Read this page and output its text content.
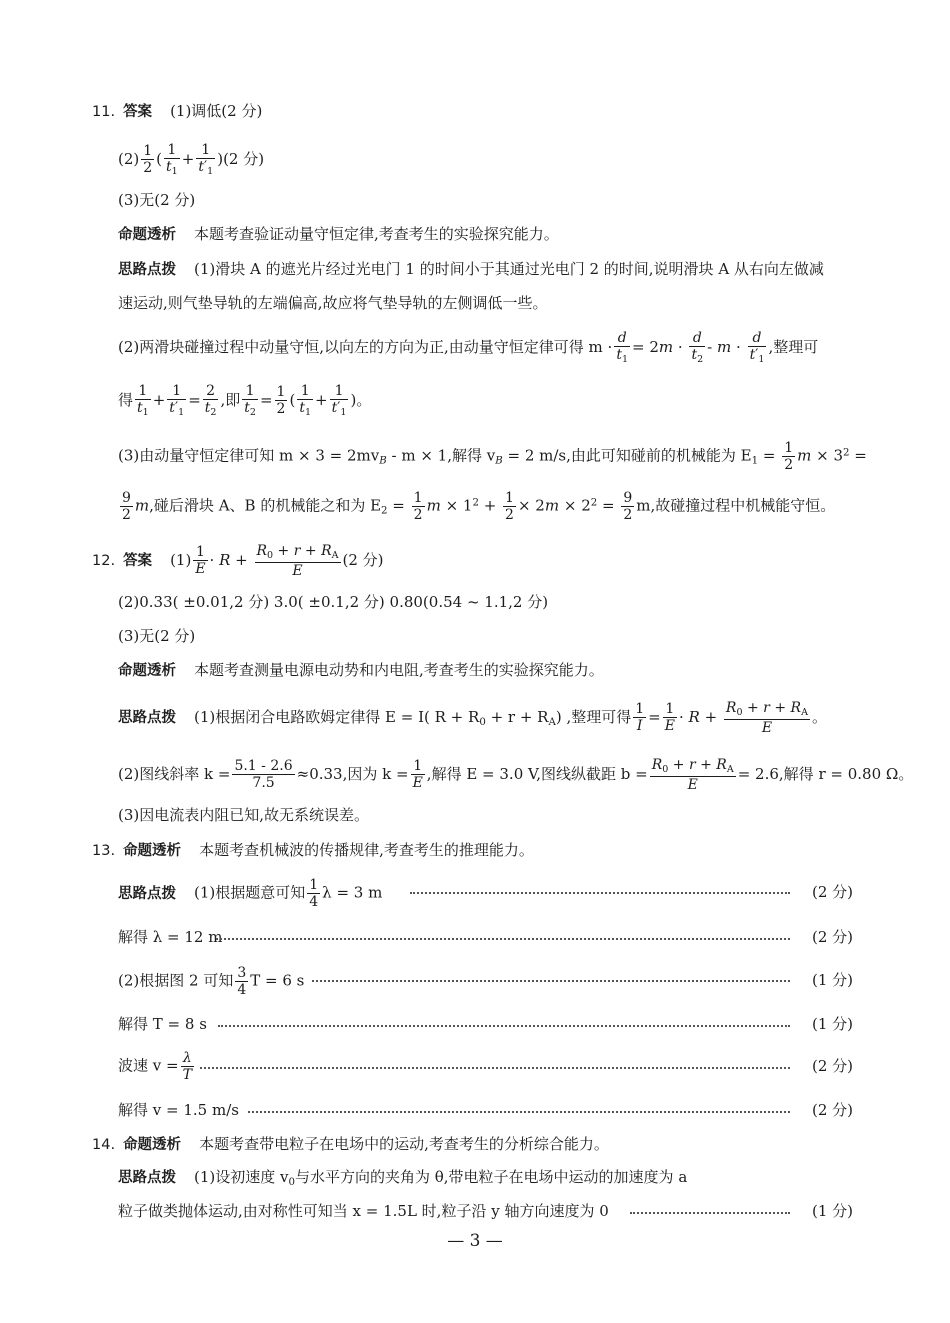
11. 答案 (1)调低(2 分)
$(2) \frac{1}{2}$ ( $\frac{1}{t_1} + \frac{1}{t'_1} )(2$ 分)
(3)无(2 分)
命题透析 本题考查验证动量守恒定律,考查考生的实验探究能力。
思路点拨 (1)滑块 A 的遮光片经过光电门 1 的时间小于其通过光电门 2 的时间,说明滑块 A 从右向左做减
速运动,则气垫导轨的左端偏高,故应将气垫导轨的左侧调低一些。
(2)两滑块碰撞过程中动量守恒,以向左的方向为正,由动量守恒定律可得 $m \cdot \frac{d}{t_1} = 2m \cdot \frac{d}{t_2} - m \cdot \frac{d}{t'_1}$ ,整理可
得 $\frac{1}{t_1} + \frac{1}{t'_1} = \frac{2}{t_2}$ ,即 $\frac{1}{t_2} = \frac{1}{2}$ ( $\frac{1}{t_1} + \frac{1}{t'_1}$ )。
(3)由动量守恒定律可知 $m \times 3 = 2mv_B - m \times 1$,解得 $v_B = 2$ m/s,由此可知碰前的机械能为 $E_1 = \frac{1}{2}$ $m \times 3^2$ =
$\frac{9}{2} m$,碰后滑块 A、B 的机械能之和为 $E_2 = \frac{1}{2}$ $m \times 1^2 + \frac{1}{2} \times 2m \times 2^2 = \frac{9}{2} m$,故碰撞过程中机械能守恒。
12. 答案 $(1) \frac{1}{E} \cdot R + \frac{R_0 + r + R_A}{E} (2$ 分)
(2)0.33( ±0.01,2 分) 3.0( ±0.1,2 分) 0.80(0.54 ~ 1.1,2 分)
(3)无(2 分)
命题透析 本题考查测量电源电动势和内电阻,考查考生的实验探究能力。
思路点拨 (1)根据闭合电路欧姆定律得 E = I( $R + R_0 + r + R_A$) ,整理可得 $\frac{1}{I} = \frac{1}{E} \cdot R + \frac{R_0 + r + R_A}{E}$ 。
(2)图线斜率 $k = \frac{5.1 - 2.6}{7.5} \approx 0.33$,因为 $k = \frac{1}{E}$ ,解得 E = 3.0 V,图线纵截距 $b = \frac{R_0 + r + R_A}{E} = 2.6$,解得 r = 0.80 Ω。
(3)因电流表内阻已知,故无系统误差。
13. 命题透析 本题考查机械波的传播规律,考查考生的推理能力。
思路点拨 (1)根据题意可知 $\frac{1}{4}$ λ = 3 m	(2 分)
解得 λ = 12 m	(2 分)
(2)根据图 2 可知 $\frac{3}{4}$ T = 6 s	(1 分)
解得 T = 8 s	(1 分)
波速 $v = \frac{\lambda}{T}$	(2 分)
解得 v = 1.5 m/s	(2 分)
14. 命题透析 本题考查带电粒子在电场中的运动,考查考生的分析综合能力。
思路点拨 (1)设初速度 $v_0$与水平方向的夹角为 θ,带电粒子在电场中运动的加速度为 a
粒子做类抛体运动,由对称性可知当 x = 1.5L 时,粒子沿 y 轴方向速度为 0	(1 分)
— 3 —
